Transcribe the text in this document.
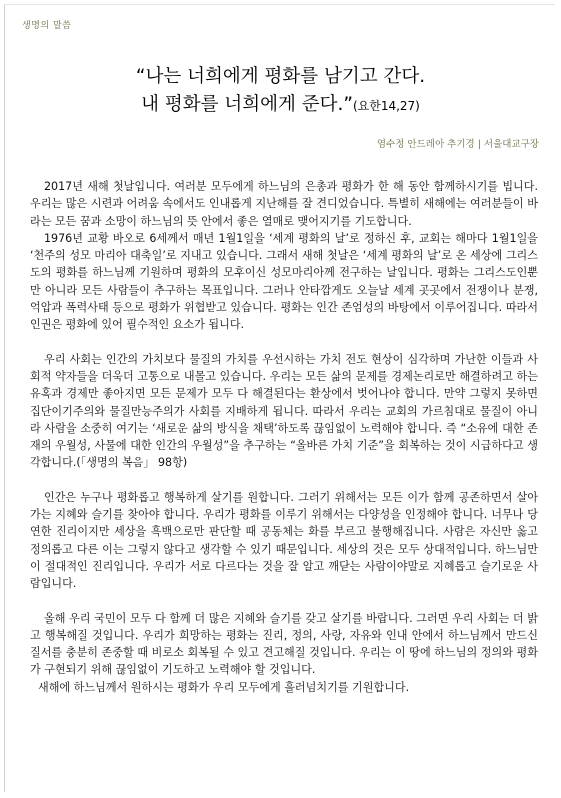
생명의 말씀
“나는 너희에게 평화를 남기고 간다.
내 평화를 너희에게 준다.”(요한14,27)
염수정 안드레아 추기경 | 서울대교구장

2017년 새해 첫날입니다. 여러분 모두에게 하느님의 은총과 평화가 한 해 동안 함께하시기를 빕니다. 우리는 많은 시련과 어려움 속에서도 인내롭게 지난해를 잘 견디었습니다. 특별히 새해에는 여러분들이 바라는 모든 꿈과 소망이 하느님의 뜻 안에서 좋은 열매로 맺어지기를 기도합니다.

1976년 교황 바오로 6세께서 매년 1월1일을 ‘세계 평화의 날’로 정하신 후, 교회는 해마다 1월1일을 ‘천주의 성모 마리아 대축일’로 지내고 있습니다. 그래서 새해 첫날은 ‘세계 평화의 날’로 온 세상에 그리스도의 평화를 하느님께 기원하며 평화의 모후이신 성모마리아께 전구하는 날입니다. 평화는 그리스도인뿐만 아니라 모든 사람들이 추구하는 목표입니다. 그러나 안타깝게도 오늘날 세계 곳곳에서 전쟁이나 분쟁, 억압과 폭력사태 등으로 평화가 위협받고 있습니다. 평화는 인간 존엄성의 바탕에서 이루어집니다. 따라서 인권은 평화에 있어 필수적인 요소가 됩니다.

우리 사회는 인간의 가치보다 물질의 가치를 우선시하는 가치 전도 현상이 심각하며 가난한 이들과 사회적 약자들을 더욱더 고통으로 내몰고 있습니다. 우리는 모든 삶의 문제를 경제논리로만 해결하려고 하는 유혹과 경제만 좋아지면 모든 문제가 모두 다 해결된다는 환상에서 벗어나야 합니다. 만약 그렇지 못하면 집단이기주의와 물질만능주의가 사회를 지배하게 됩니다. 따라서 우리는 교회의 가르침대로 물질이 아니라 사람을 소중히 여기는 ‘새로운 삶의 방식을 채택’하도록 끊임없이 노력해야 합니다. 즉 “소유에 대한 존재의 우월성, 사물에 대한 인간의 우월성”을 추구하는 “올바른 가치 기준”을 회복하는 것이 시급하다고 생각합니다.(「생명의 복음」 98항)

인간은 누구나 평화롭고 행복하게 살기를 원합니다. 그러기 위해서는 모든 이가 함께 공존하면서 살아가는 지혜와 슬기를 찾아야 합니다. 우리가 평화를 이루기 위해서는 다양성을 인정해야 합니다. 너무나 당연한 진리이지만 세상을 흑백으로만 판단할 때 공동체는 화를 부르고 불행해집니다. 사람은 자신만 옳고 정의롭고 다른 이는 그렇지 않다고 생각할 수 있기 때문입니다. 세상의 것은 모두 상대적입니다. 하느님만이 절대적인 진리입니다. 우리가 서로 다르다는 것을 잘 알고 깨닫는 사람이야말로 지혜롭고 슬기로운 사람입니다.

올해 우리 국민이 모두 다 함께 더 많은 지혜와 슬기를 갖고 살기를 바랍니다. 그러면 우리 사회는 더 밝고 행복해질 것입니다. 우리가 희망하는 평화는 진리, 정의, 사랑, 자유와 인내 안에서 하느님께서 만드신 질서를 충분히 존중할 때 비로소 회복될 수 있고 견고해질 것입니다. 우리는 이 땅에 하느님의 정의와 평화가 구현되기 위해 끊임없이 기도하고 노력해야 할 것입니다.

새해에 하느님께서 원하시는 평화가 우리 모두에게 흘러넘치기를 기원합니다.
